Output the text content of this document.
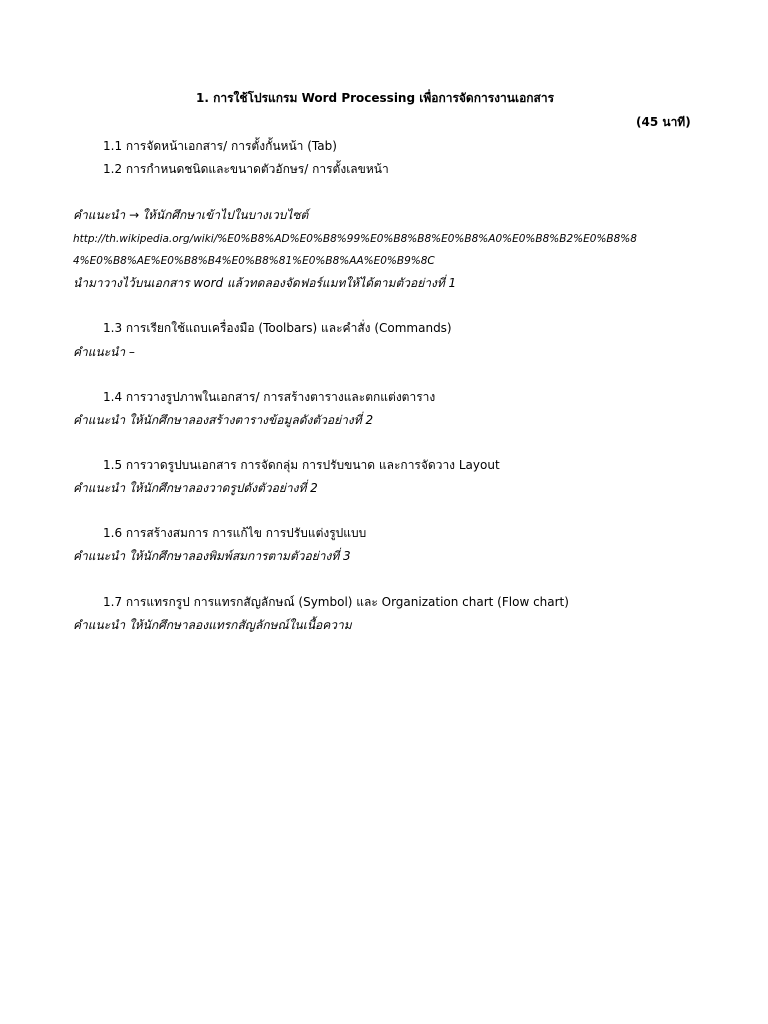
1. การใช้โปรแกรม Word Processing เพื่อการจัดการงานเอกสาร
(45 นาที)
1.1 การจัดหน้าเอกสาร/ การตั้งกั้นหน้า (Tab)
1.2 การกำหนดชนิดและขนาดตัวอักษร/ การตั้งเลขหน้า
คำแนะนำ → ให้นักศึกษาเข้าไปในบางเวบไซต์
http://th.wikipedia.org/wiki/%E0%B8%AD%E0%B8%99%E0%B8%B8%E0%B8%A0%E0%B8%B2%E0%B8%8
4%E0%B8%AE%E0%B8%B4%E0%B8%81%E0%B8%AA%E0%B9%8C
นำมาวางไว้บนเอกสาร word แล้วทดลองจัดฟอร์แมทให้ได้ตามตัวอย่างที่ 1
1.3 การเรียกใช้แถบเครื่องมือ (Toolbars) และคำสั่ง (Commands)
คำแนะนำ –
1.4 การวางรูปภาพในเอกสาร/ การสร้างตารางและตกแต่งตาราง
คำแนะนำ ให้นักศึกษาลองสร้างตารางข้อมูลดังตัวอย่างที่ 2
1.5 การวาดรูปบนเอกสาร การจัดกลุ่ม การปรับขนาด และการจัดวาง Layout
คำแนะนำ ให้นักศึกษาลองวาดรูปดังตัวอย่างที่ 2
1.6 การสร้างสมการ การแก้ไข การปรับแต่งรูปแบบ
คำแนะนำ ให้นักศึกษาลองพิมพ์สมการตามตัวอย่างที่ 3
1.7 การแทรกรูป การแทรกสัญลักษณ์ (Symbol) และ Organization chart (Flow chart)
คำแนะนำ ให้นักศึกษาลองแทรกสัญลักษณ์ในเนื้อความ
